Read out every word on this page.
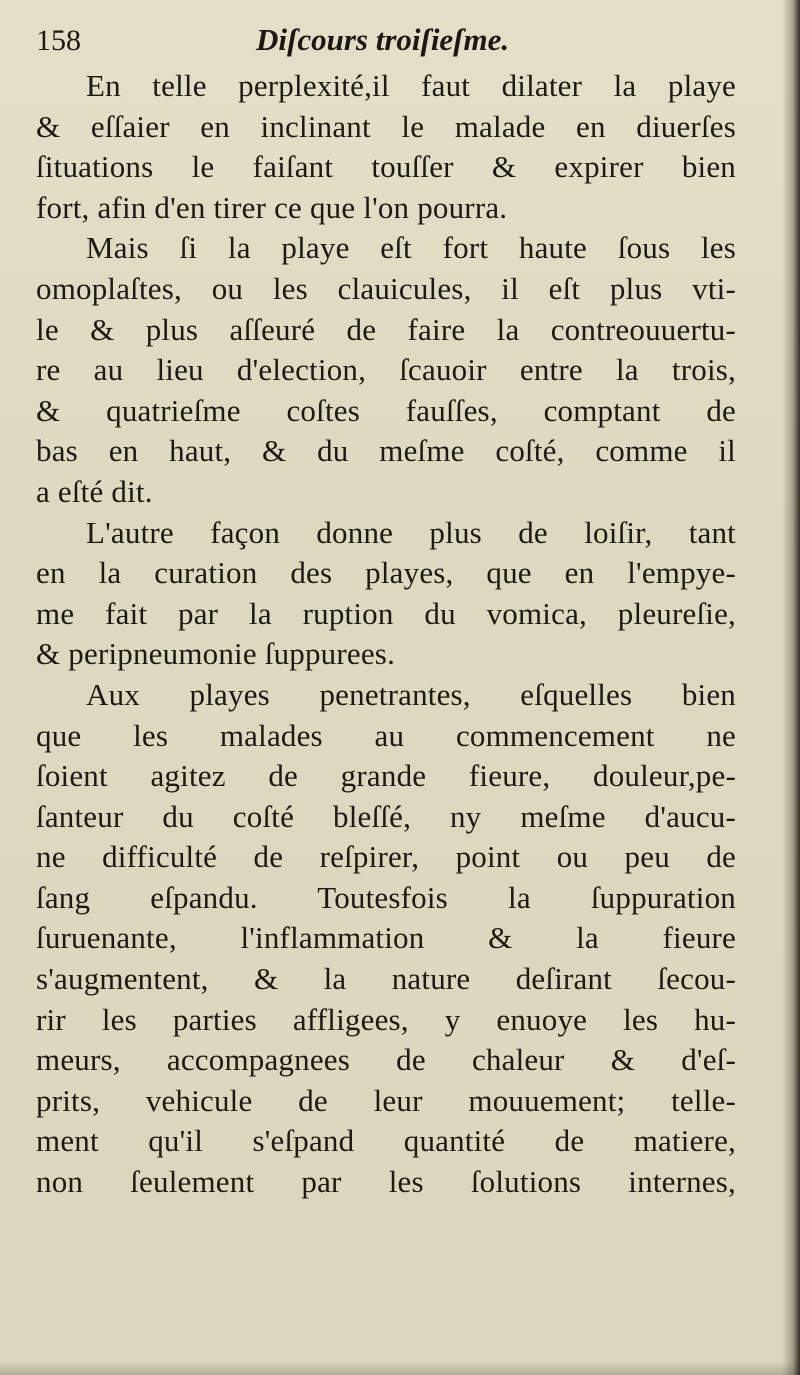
158	Diſcours troiſieſme.
En telle perplexité,il faut dilater la playe
& eſſaier en inclinant le malade en diuerſes
ſituations le faiſant touſſer & expirer bien
fort, afin d'en tirer ce que l'on pourra.
Mais ſi la playe eſt fort haute ſous les
omoplaſtes, ou les clauicules, il eſt plus vti-
le & plus aſſeuré de faire la contreouuertu-
re au lieu d'election, ſcauoir entre la trois,
& quatrieſme coſtes fauſſes, comptant de
bas en haut, & du meſme coſté, comme il
a eſté dit.
L'autre façon donne plus de loiſir, tant
en la curation des playes, que en l'empye-
me fait par la ruption du vomica, pleureſie,
& peripneumonie ſuppurees.
Aux playes penetrantes, eſquelles bien
que les malades au commencement ne
ſoient agitez de grande fieure, douleur,pe-
ſanteur du coſté bleſſé, ny meſme d'aucu-
ne difficulté de reſpirer, point ou peu de
ſang eſpandu. Toutesfois la ſuppuration
ſuruenante, l'inflammation & la fieure
s'augmentent, & la nature deſirant ſecou-
rir les parties affligees, y enuoye les hu-
meurs, accompagnees de chaleur & d'eſ-
prits, vehicule de leur mouuement; telle-
ment qu'il s'eſpand quantité de matiere,
non ſeulement par les ſolutions internes,
